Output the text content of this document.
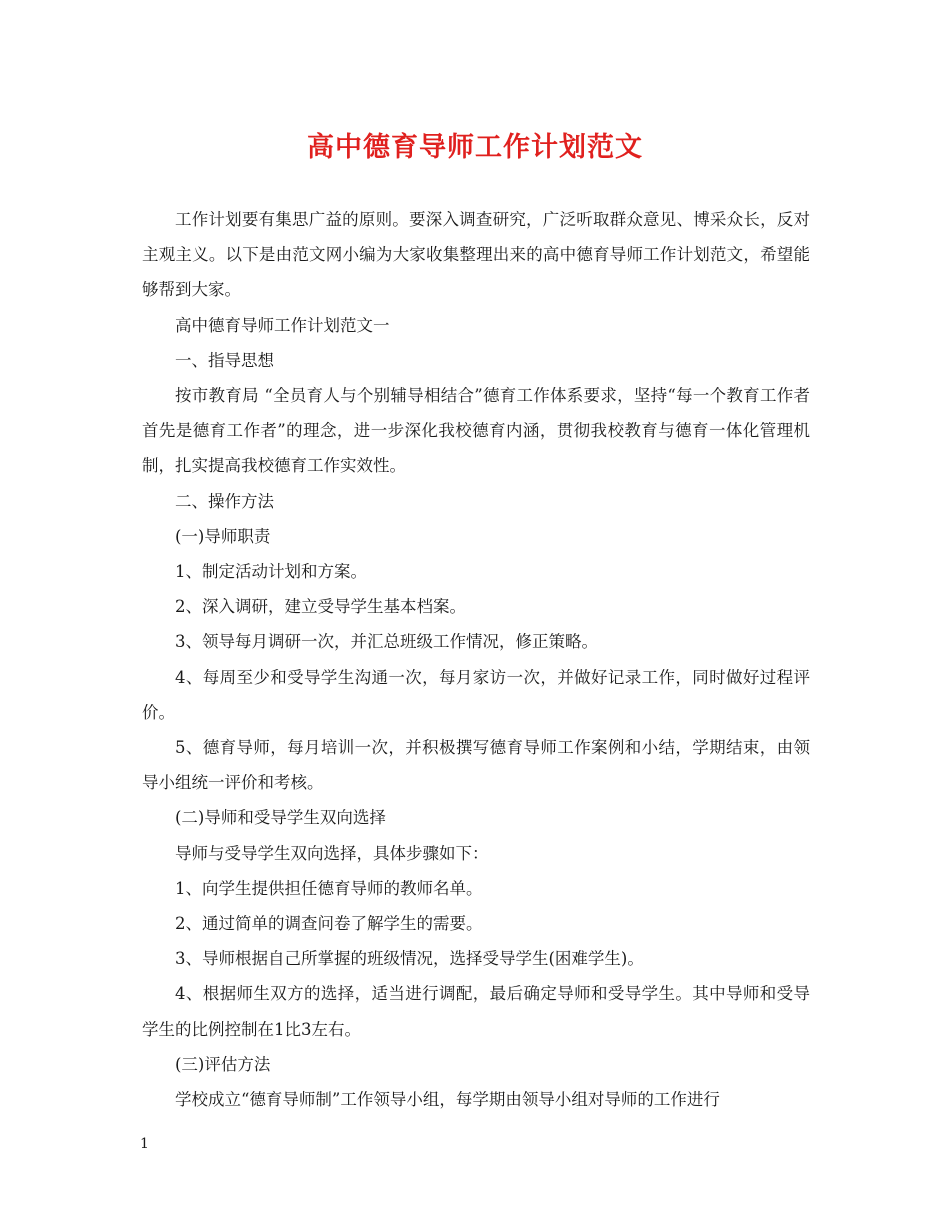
高中德育导师工作计划范文

工作计划要有集思广益的原则。要深入调查研究，广泛听取群众意见、博采众长，反对主观主义。以下是由范文网小编为大家收集整理出来的高中德育导师工作计划范文，希望能够帮到大家。

高中德育导师工作计划范文一

一、指导思想

按市教育局 “全员育人与个别辅导相结合”德育工作体系要求，坚持“每一个教育工作者首先是德育工作者”的理念，进一步深化我校德育内涵，贯彻我校教育与德育一体化管理机制，扎实提高我校德育工作实效性。

二、操作方法

(一)导师职责

1、制定活动计划和方案。

2、深入调研，建立受导学生基本档案。

3、领导每月调研一次，并汇总班级工作情况，修正策略。

4、每周至少和受导学生沟通一次，每月家访一次，并做好记录工作，同时做好过程评价。

5、德育导师，每月培训一次，并积极撰写德育导师工作案例和小结，学期结束，由领导小组统一评价和考核。

(二)导师和受导学生双向选择

导师与受导学生双向选择，具体步骤如下：

1、向学生提供担任德育导师的教师名单。

2、通过简单的调查问卷了解学生的需要。

3、导师根据自己所掌握的班级情况，选择受导学生(困难学生)。

4、根据师生双方的选择，适当进行调配，最后确定导师和受导学生。其中导师和受导学生的比例控制在1比3左右。

(三)评估方法

学校成立“德育导师制”工作领导小组，每学期由领导小组对导师的工作进行

1
